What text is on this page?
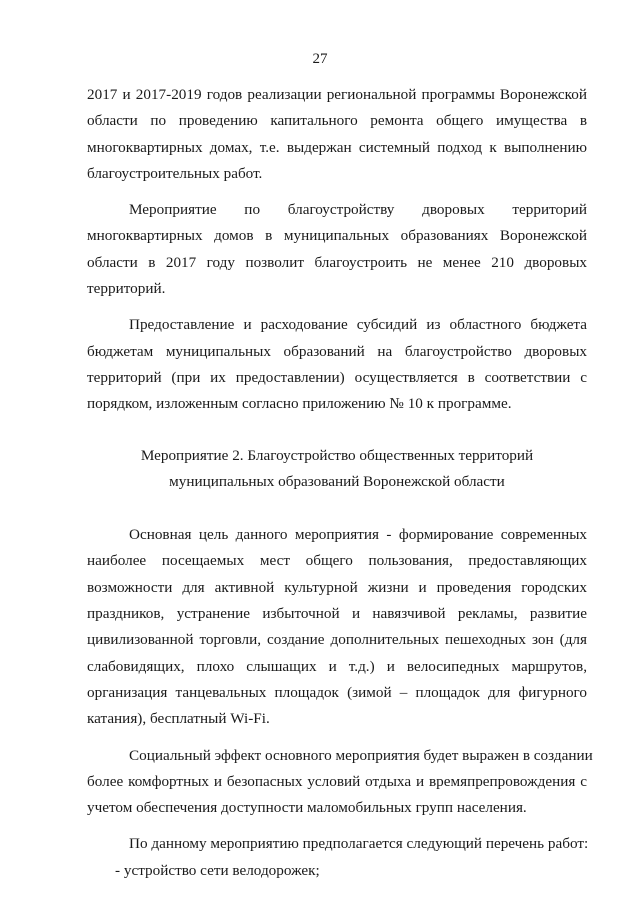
27
2017 и 2017-2019 годов реализации региональной программы Воронежской
области по проведению капитального ремонта общего имущества в
многоквартирных домах, т.е. выдержан системный подход к выполнению
благоустроительных работ.
Мероприятие по благоустройству дворовых территорий
многоквартирных домов в муниципальных образованиях Воронежской
области в 2017 году позволит благоустроить не менее 210 дворовых
территорий.
Предоставление и расходование субсидий из областного бюджета
бюджетам муниципальных образований на благоустройство дворовых
территорий (при их предоставлении) осуществляется в соответствии с
порядком, изложенным согласно приложению № 10 к программе.
Мероприятие 2. Благоустройство общественных территорий
муниципальных образований Воронежской области
Основная цель данного мероприятия - формирование современных
наиболее посещаемых мест общего пользования, предоставляющих
возможности для активной культурной жизни и проведения городских
праздников, устранение избыточной и навязчивой рекламы, развитие
цивилизованной торговли, создание дополнительных пешеходных зон (для
слабовидящих, плохо слышащих и т.д.) и велосипедных маршрутов,
организация танцевальных площадок (зимой – площадок для фигурного
катания), бесплатный Wi-Fi.
Социальный эффект основного мероприятия будет выражен в создании
более комфортных и безопасных условий отдыха и времяпрепровождения с
учетом обеспечения доступности маломобильных групп населения.
По данному мероприятию предполагается следующий перечень работ:
- устройство сети велодорожек;
